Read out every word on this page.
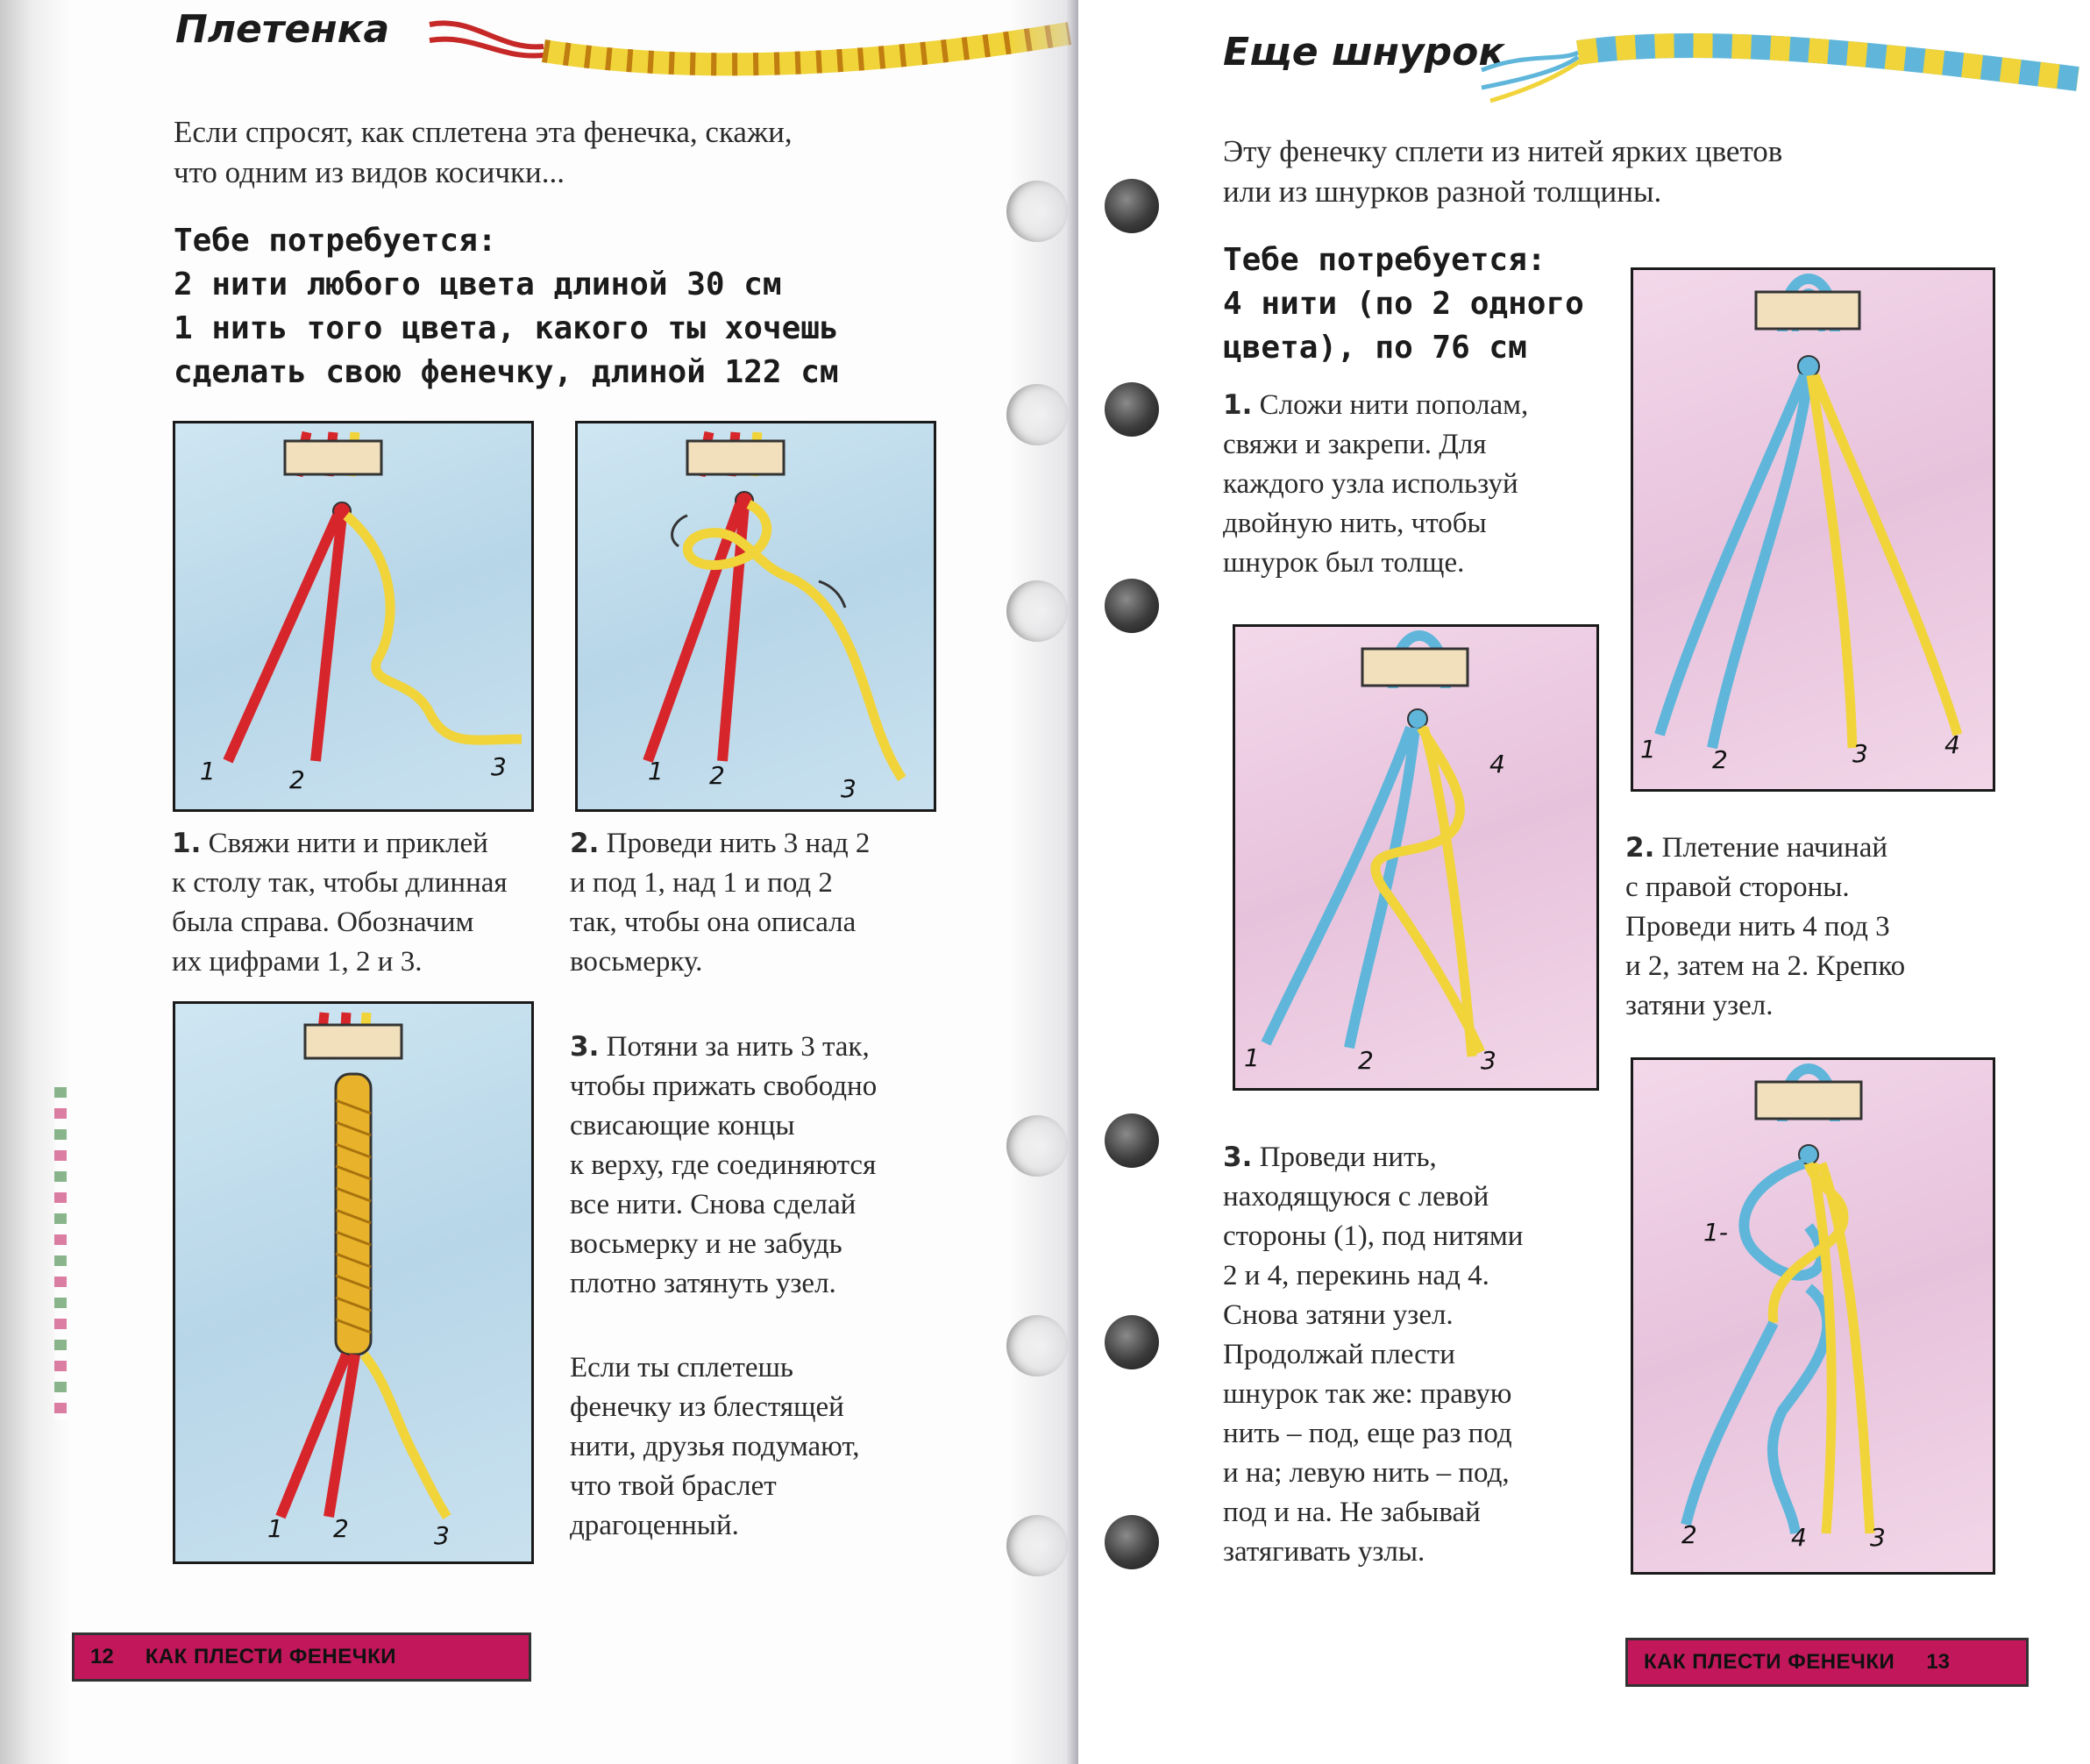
Плетенка

Если спросят, как сплетена эта фенечка, скажи,

что одним из видов косички...

Тебе потребуется:

2 нити любого цвета длиной 30 см

1 нить того цвета, какого ты хочешь

сделать свою фенечку, длиной 122 см

1	2	3	1 2	3

1. Свяжи нити и приклей

к столу так, чтобы длинная

была справа. Обозначим

их цифрами 1, 2 и 3.

2. Проведи нить 3 над 2

и под 1, над 1 и под 2

так, чтобы она описала

восьмерку.

1 2	3

3. Потяни за нить 3 так,

чтобы прижать свободно

свисающие концы

к верху, где соединяются

все нити. Снова сделай

восьмерку и не забудь

плотно затянуть узел.

Если ты сплетешь

фенечку из блестящей

нити, друзья подумают,

что твой браслет

драгоценный.

12	КАК ПЛЕСТИ ФЕНЕЧКИ
Еще шнурок

Эту фенечку сплети из нитей ярких цветов

или из шнурков разной толщины.

Тебе потребуется:

4 нити (по 2 одного

цвета), по 76 см

1. Сложи нити пополам,

свяжи и закрепи. Для

каждого узла используй

двойную нить, чтобы

шнурок был толще.

1 2	3	4
1	2	3
4

2. Плетение начинай

с правой стороны.

Проведи нить 4 под 3

и 2, затем на 2. Крепко

затяни узел.

3. Проведи нить,

находящуюся с левой

стороны (1), под нитями

2 и 4, перекинь над 4.

Снова затяни узел.

Продолжай плести

шнурок так же: правую

нить – под, еще раз под

и на; левую нить – под,

под и на. Не забывай

затягивать узлы.

1-
2	4	3
КАК ПЛЕСТИ ФЕНЕЧКИ	13
